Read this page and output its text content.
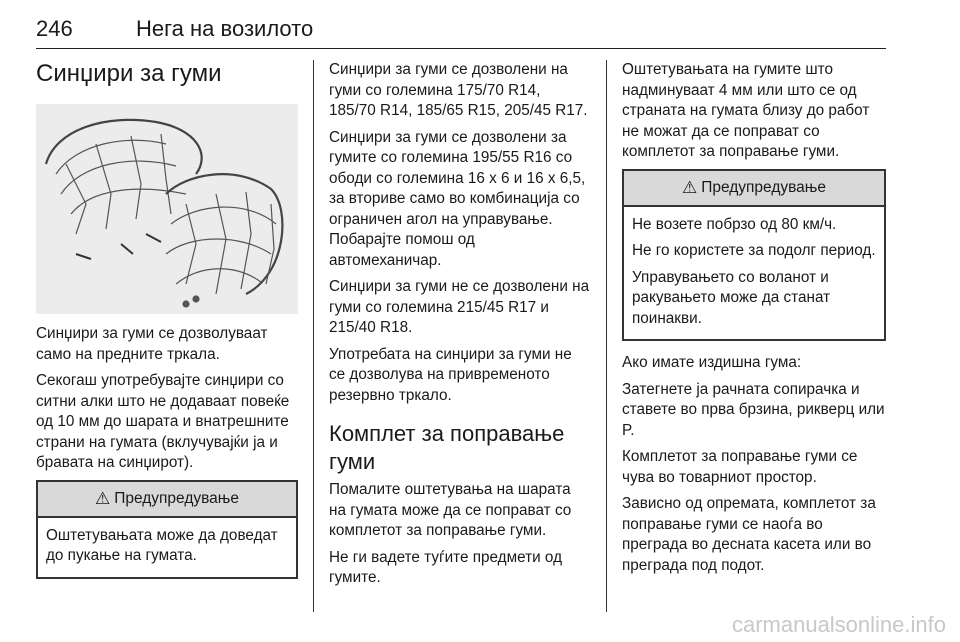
246	Нега на возилото
Синџири за гуми

Синџири за гуми се дозволуваат само на предните тркала.

Секогаш употребувајте синџири со ситни алки што не додаваат повеќе од 10 мм до шарата и внатрешните страни на гумата (вклучувајќи ја и бравата на синџирот).

⚠ Предупредување

Оштетувањата може да доведат до пукање на гумата.

Синџири за гуми се дозволени на гуми со големина 175/70 R14, 185/70 R14, 185/65 R15, 205/45 R17.

Синџири за гуми се дозволени за гумите со големина 195/55 R16 со ободи со големина 16 x 6 и 16 x 6,5, за вториве само во комбинација со ограничен агол на управување. Побарајте помош од автомеханичар.

Синџири за гуми не се дозволени на гуми со големина 215/45 R17 и 215/40 R18.

Употребата на синџири за гуми не се дозволува на привременото резервно тркало.

Комплет за поправање гуми

Помалите оштетувања на шарата на гумата може да се поправат со комплетот за поправање гуми.

Не ги вадете туѓите предмети од гумите.

Оштетувањата на гумите што надминуваат 4 мм или што се од страната на гумата близу до работ не можат да се поправат со комплетот за поправање гуми.

⚠ Предупредување

Не возете побрзо од 80 км/ч.

Не го користете за подолг период.

Управувањето со воланот и ракувањето може да станат поинакви.

Ако имате издишна гума:

Затегнете ја рачната сопирачка и ставете во прва брзина, рикверц или P.

Комплетот за поправање гуми се чува во товарниот простор.

Зависно од опремата, комплетот за поправање гуми се наоѓа во преграда во десната касета или во преграда под подот.

carmanualsonline.info
